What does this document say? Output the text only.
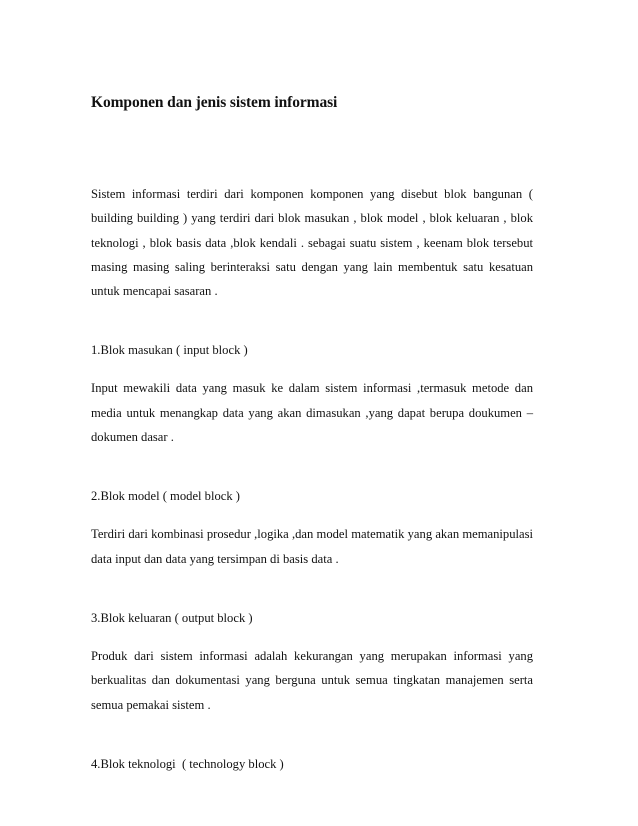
Komponen dan jenis sistem informasi

Sistem informasi terdiri dari komponen komponen yang disebut blok bangunan ( building building ) yang terdiri dari blok masukan , blok model , blok keluaran , blok teknologi , blok basis data ,blok kendali . sebagai suatu sistem , keenam blok tersebut masing masing saling berinteraksi satu dengan yang lain membentuk satu kesatuan untuk mencapai sasaran .

1.Blok masukan ( input block )

Input mewakili data yang masuk ke dalam sistem informasi ,termasuk metode dan media untuk menangkap data yang akan dimasukan ,yang dapat berupa doukumen – dokumen dasar .

2.Blok model ( model block )

Terdiri dari kombinasi prosedur ,logika ,dan model matematik yang akan memanipulasi data input dan data yang tersimpan di basis data .

3.Blok keluaran ( output block )

Produk dari sistem informasi adalah kekurangan yang merupakan informasi yang berkualitas dan dokumentasi yang berguna untuk semua tingkatan manajemen serta semua pemakai sistem .

4.Blok teknologi  ( technology block )
